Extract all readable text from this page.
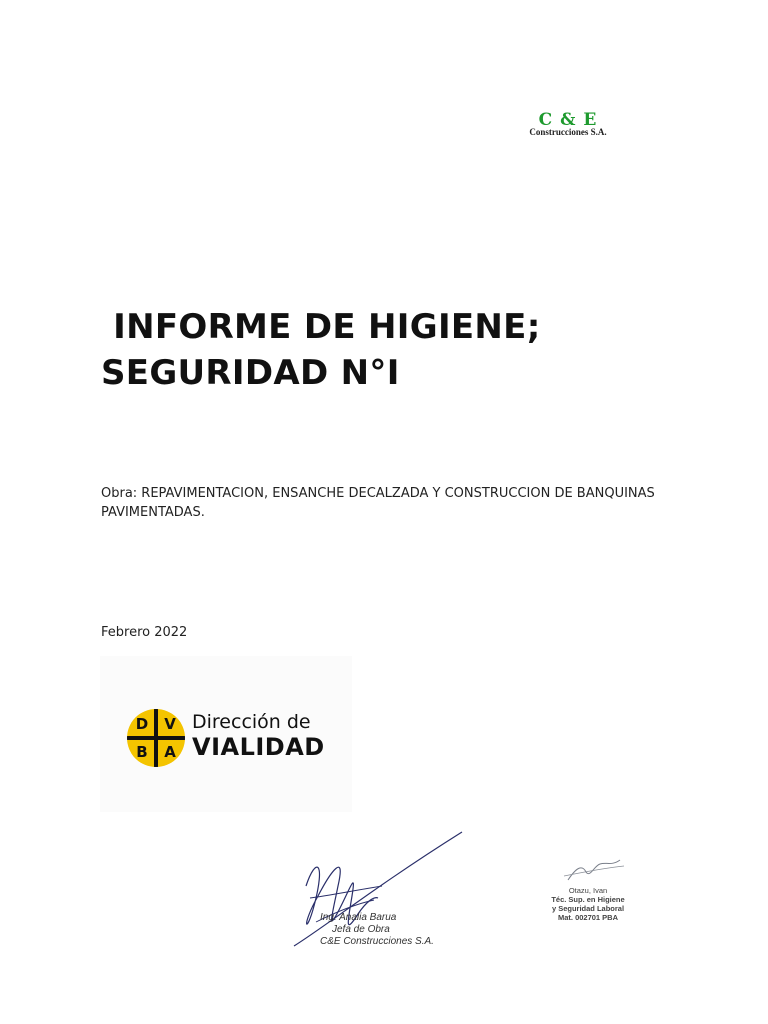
C & E
Construcciones S.A.
INFORME DE HIGIENE;
SEGURIDAD N°I
Obra: REPAVIMENTACION, ENSANCHE DECALZADA Y CONSTRUCCION DE BANQUINAS PAVIMENTADAS.
Febrero 2022
D	V
B	A
Dirección de
VIALIDAD
Ing. Analia Barua
Jefa de Obra
C&E Construcciones S.A.
Otazu, Ivan
Téc. Sup. en Higiene
y Seguridad Laboral
Mat. 002701 PBA
